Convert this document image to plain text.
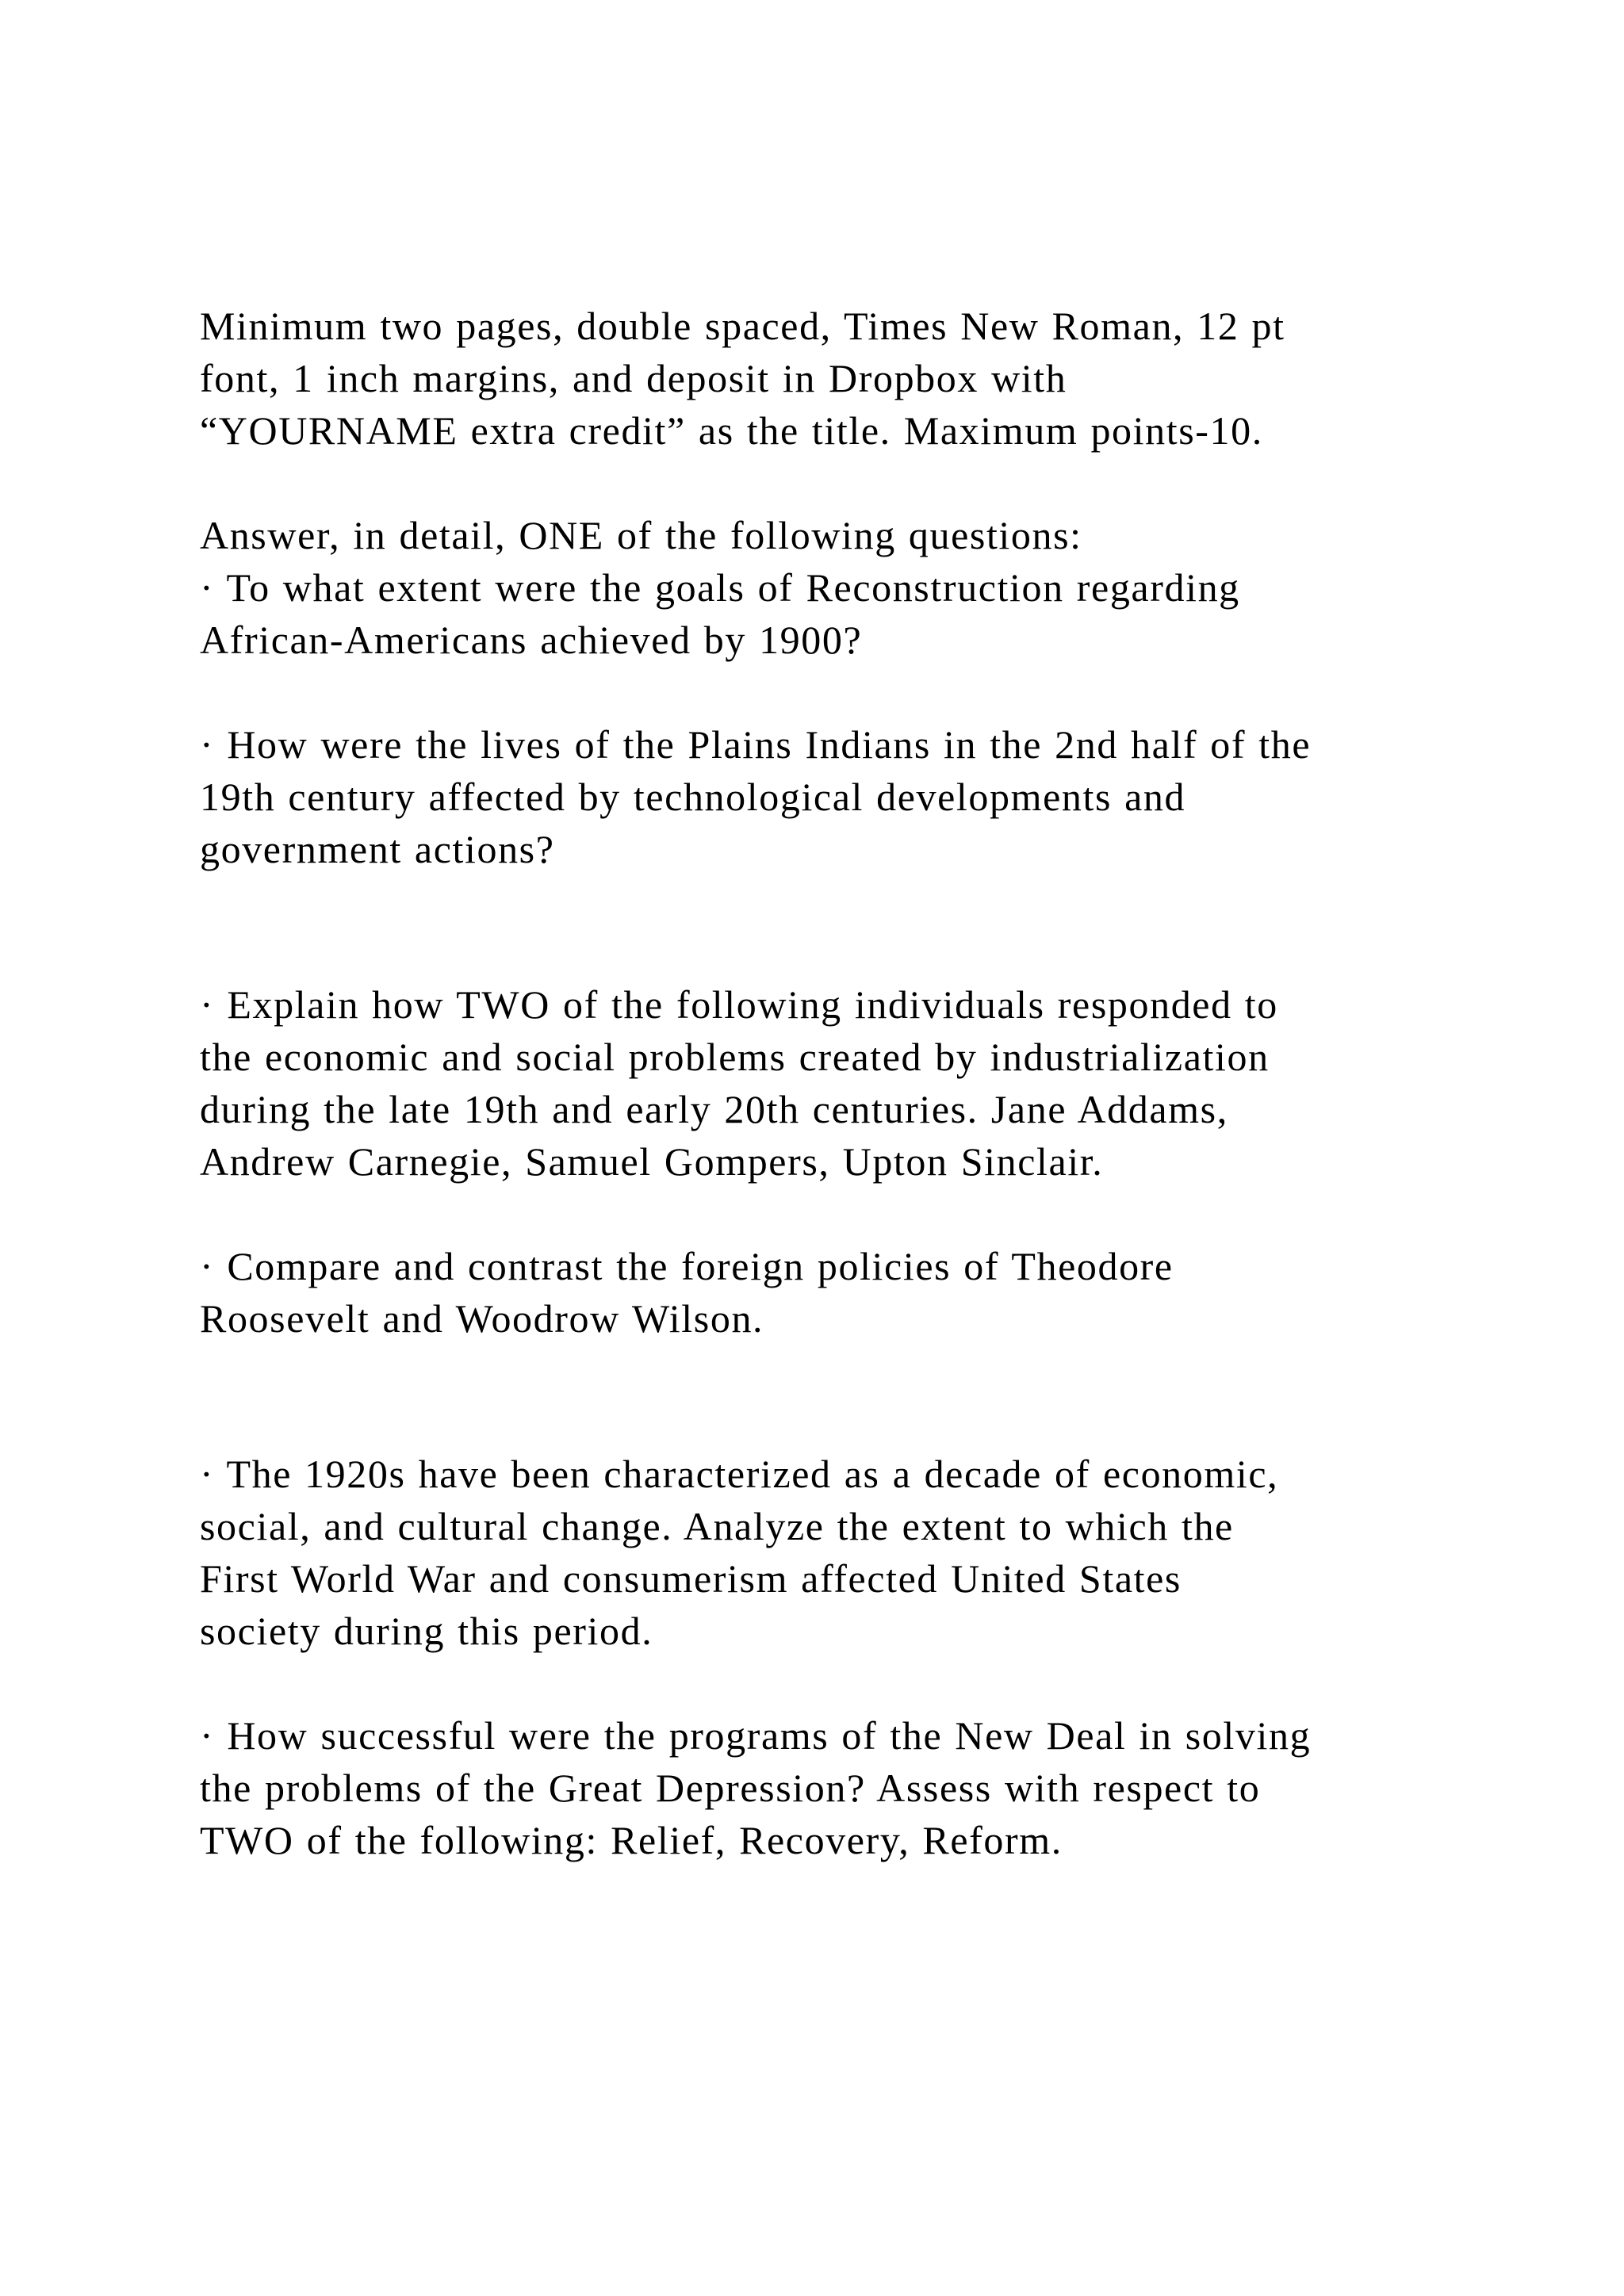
Minimum two pages, double spaced, Times New Roman, 12 pt
font, 1 inch margins, and deposit in Dropbox with
“YOURNAME extra credit” as the title. Maximum points-10.
Answer, in detail, ONE of the following questions:
· To what extent were the goals of Reconstruction regarding
African-Americans achieved by 1900?
· How were the lives of the Plains Indians in the 2nd half of the
19th century affected by technological developments and
government actions?
· Explain how TWO of the following individuals responded to
the economic and social problems created by industrialization
during the late 19th and early 20th centuries. Jane Addams,
Andrew Carnegie, Samuel Gompers, Upton Sinclair.
· Compare and contrast the foreign policies of Theodore
Roosevelt and Woodrow Wilson.
· The 1920s have been characterized as a decade of economic,
social, and cultural change. Analyze the extent to which the
First World War and consumerism affected United States
society during this period.
· How successful were the programs of the New Deal in solving
the problems of the Great Depression? Assess with respect to
TWO of the following: Relief, Recovery, Reform.
